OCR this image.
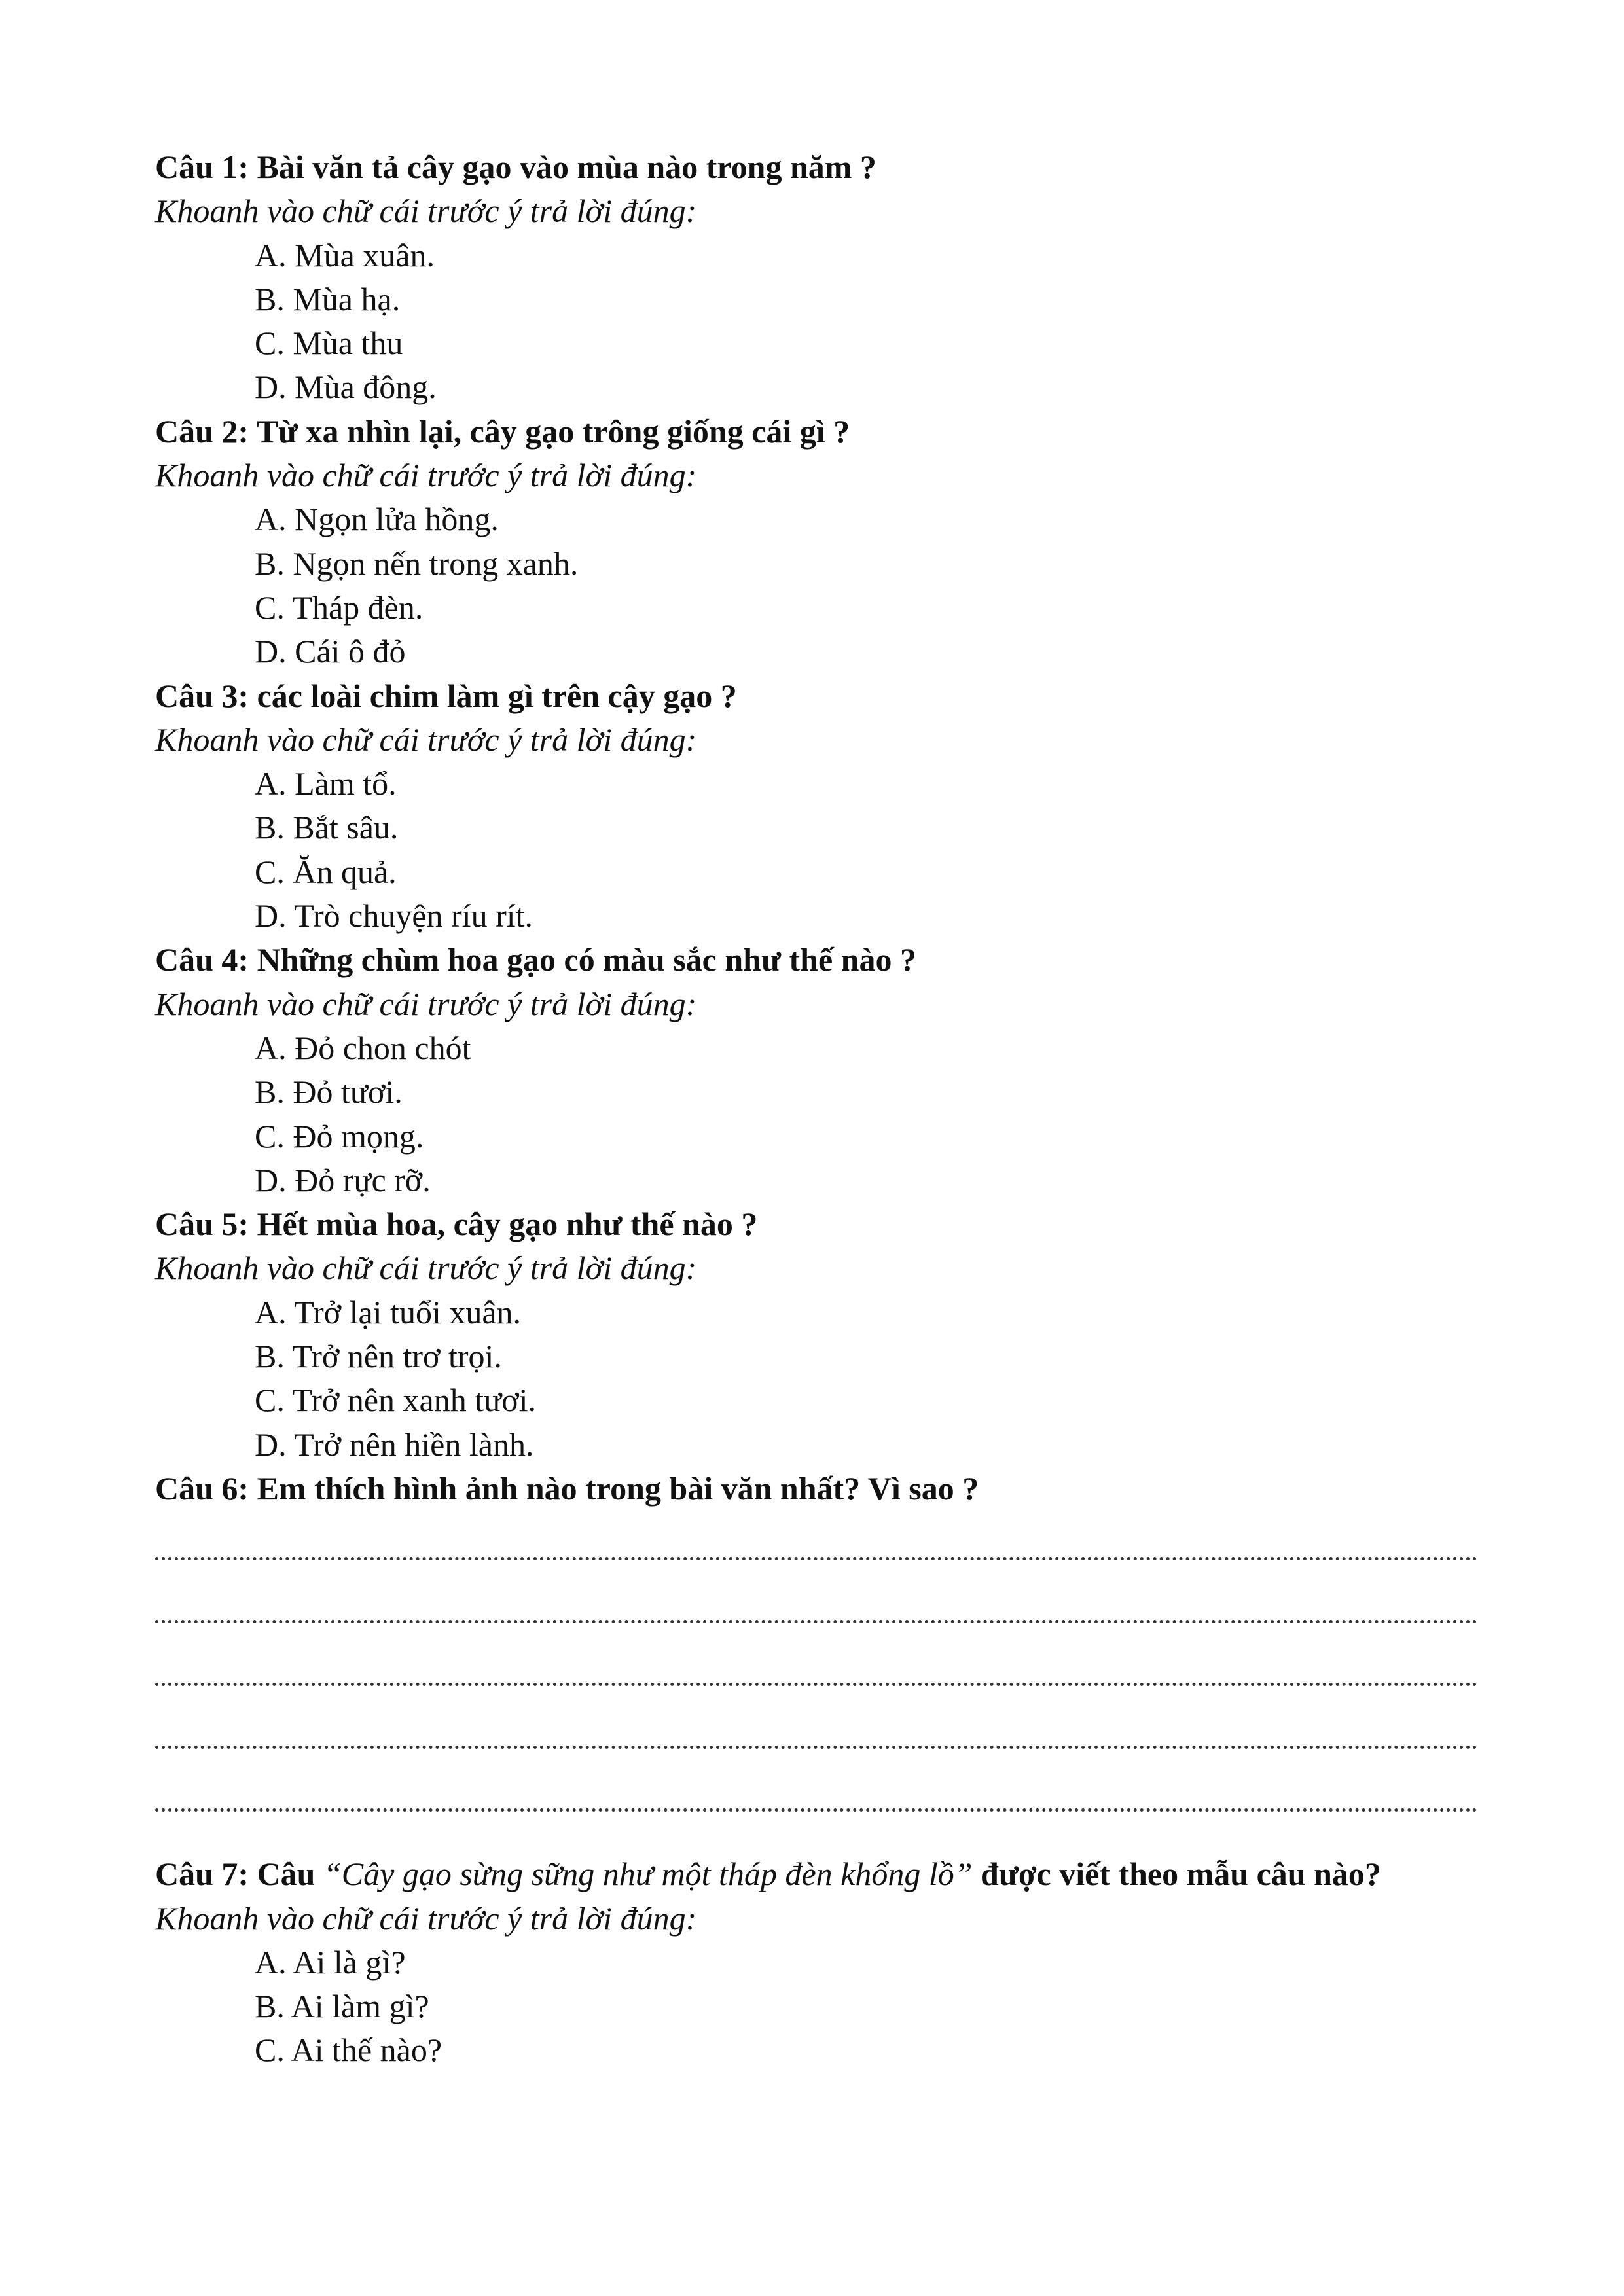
Câu 1: Bài văn tả cây gạo vào mùa nào trong năm ?
Khoanh vào chữ cái trước ý trả lời đúng:
A. Mùa xuân.
B. Mùa hạ.
C. Mùa thu
D. Mùa đông.
Câu 2: Từ xa nhìn lại, cây gạo trông giống cái gì ?
Khoanh vào chữ cái trước ý trả lời đúng:
A. Ngọn lửa hồng.
B. Ngọn nến trong xanh.
C. Tháp đèn.
D. Cái ô đỏ
Câu 3: các loài chim làm gì trên cậy gạo ?
Khoanh vào chữ cái trước ý trả lời đúng:
A. Làm tổ.
B. Bắt sâu.
C. Ăn quả.
D. Trò chuyện ríu rít.
Câu 4: Những chùm hoa gạo có màu sắc như thế nào ?
Khoanh vào chữ cái trước ý trả lời đúng:
A. Đỏ chon chót
B. Đỏ tươi.
C. Đỏ mọng.
D. Đỏ rực rỡ.
Câu 5: Hết mùa hoa, cây gạo như thế nào ?
Khoanh vào chữ cái trước ý trả lời đúng:
A. Trở lại tuổi xuân.
B. Trở nên trơ trọi.
C. Trở nên xanh tươi.
D. Trở nên hiền lành.
Câu 6: Em thích hình ảnh nào trong bài văn nhất? Vì sao ?
Câu 7: Câu “Cây gạo sừng sững như một tháp đèn khổng lồ” được viết theo mẫu câu nào?
Khoanh vào chữ cái trước ý trả lời đúng:
A. Ai là gì?
B. Ai làm gì?
C. Ai thế nào?
